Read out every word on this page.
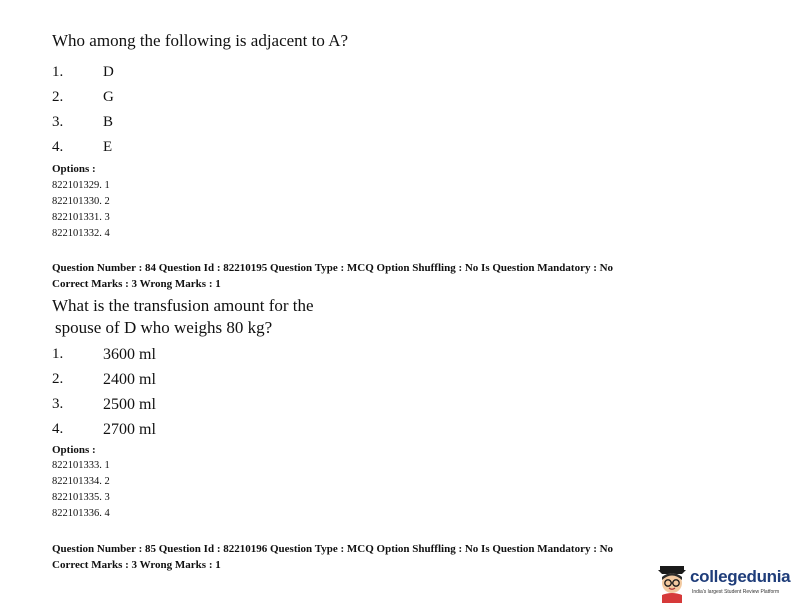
Who among the following is adjacent to A?
1.	D
2.	G
3.	B
4.	E
Options :
822101329. 1
822101330. 2
822101331. 3
822101332. 4
Question Number : 84 Question Id : 82210195 Question Type : MCQ Option Shuffling : No Is Question Mandatory : No
Correct Marks : 3 Wrong Marks : 1
What is the transfusion amount for the
spouse of D who weighs 80 kg?
1. 3600 ml
2. 2400 ml
3. 2500 ml
4. 2700 ml
Options :
822101333. 1
822101334. 2
822101335. 3
822101336. 4
Question Number : 85 Question Id : 82210196 Question Type : MCQ Option Shuffling : No Is Question Mandatory : No
Correct Marks : 3 Wrong Marks : 1
collegedunia
India's largest Student Review Platform
